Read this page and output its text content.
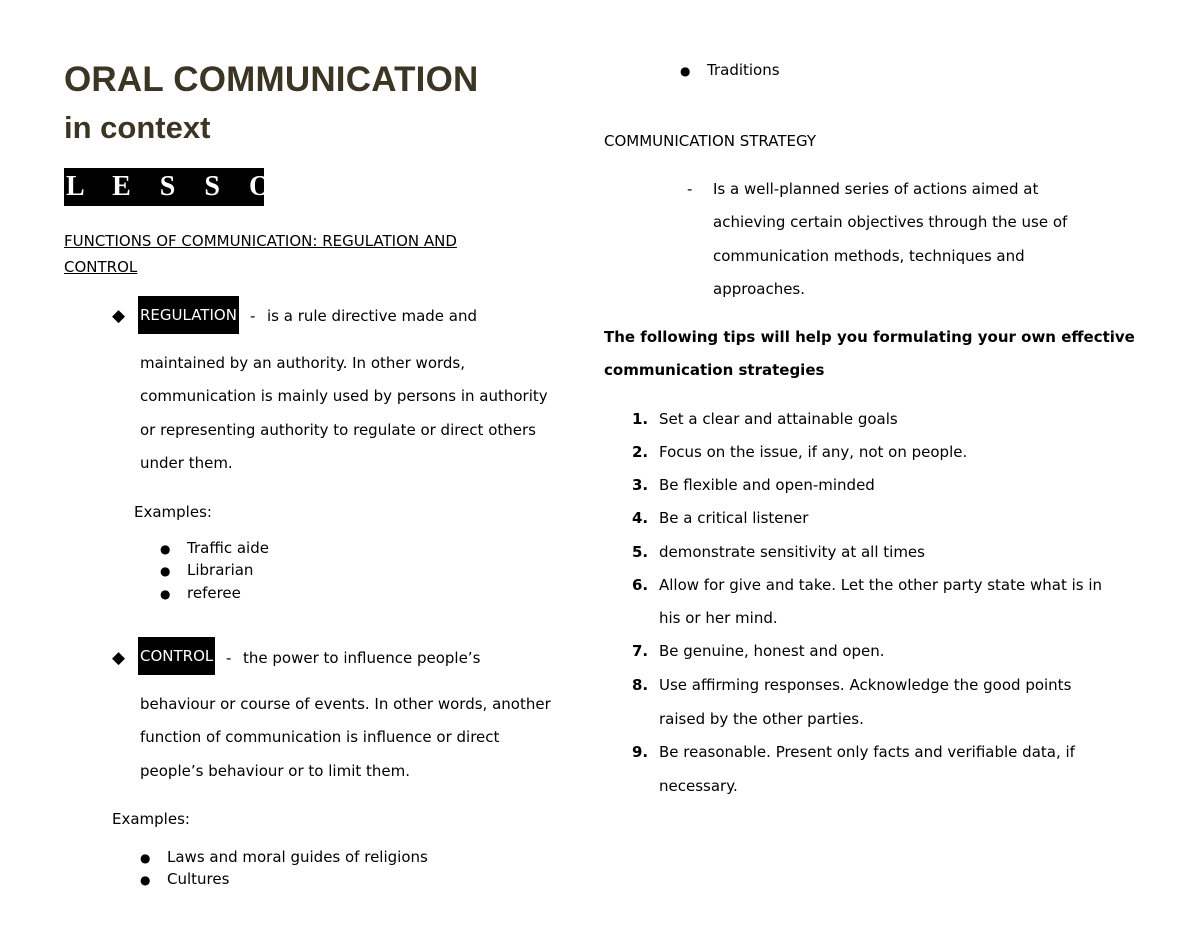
ORAL COMMUNICATION
in context
L E S S O N 2
FUNCTIONS OF COMMUNICATION: REGULATION AND
CONTROL
◆ REGULATION - is a rule directive made and
maintained by an authority. In other words,
communication is mainly used by persons in authority
or representing authority to regulate or direct others
under them.
Examples:
● Traffic aide
● Librarian
● referee
◆ CONTROL - the power to influence people’s
behaviour or course of events. In other words, another
function of communication is influence or direct
people’s behaviour or to limit them.
Examples:
● Laws and moral guides of religions
● Cultures
● Traditions
COMMUNICATION STRATEGY
- Is a well-planned series of actions aimed at
achieving certain objectives through the use of
communication methods, techniques and
approaches.
The following tips will help you formulating your own effective
communication strategies
1. Set a clear and attainable goals
2. Focus on the issue, if any, not on people.
3. Be flexible and open-minded
4. Be a critical listener
5. demonstrate sensitivity at all times
6. Allow for give and take. Let the other party state what is in
his or her mind.
7. Be genuine, honest and open.
8. Use affirming responses. Acknowledge the good points
raised by the other parties.
9. Be reasonable. Present only facts and verifiable data, if
necessary.
